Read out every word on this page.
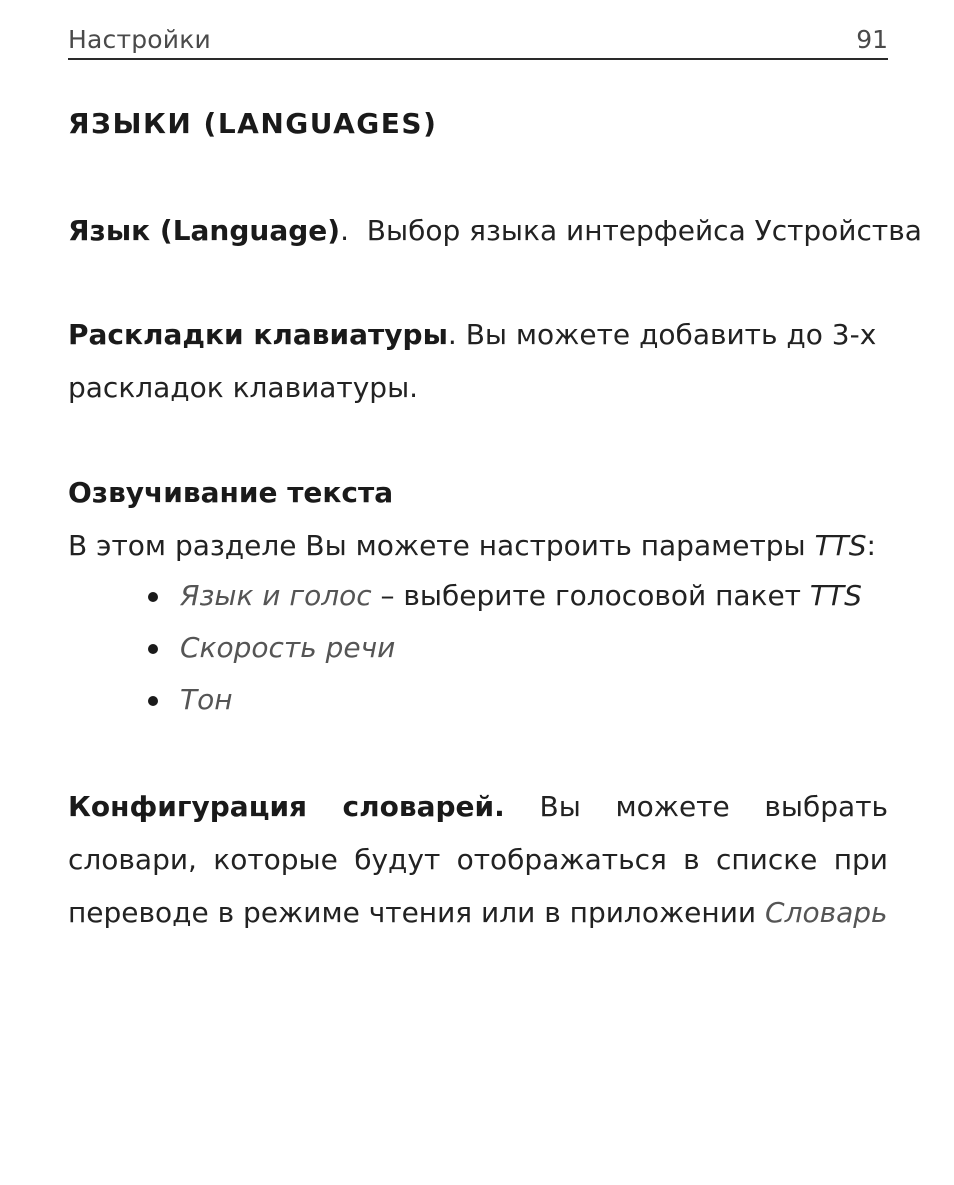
Настройки	91
ЯЗЫКИ (LANGUAGES)
Язык (Language). Выбор языка интерфейса Устройства
Раскладки клавиатуры. Вы можете добавить до 3-х раскладок клавиатуры.
Озвучивание текста
В этом разделе Вы можете настроить параметры TTS:
Язык и голос – выберите голосовой пакет TTS
Скорость речи
Тон
Конфигурация словарей. Вы можете выбрать словари, которые будут отображаться в списке при переводе в режиме чтения или в приложении Словарь
